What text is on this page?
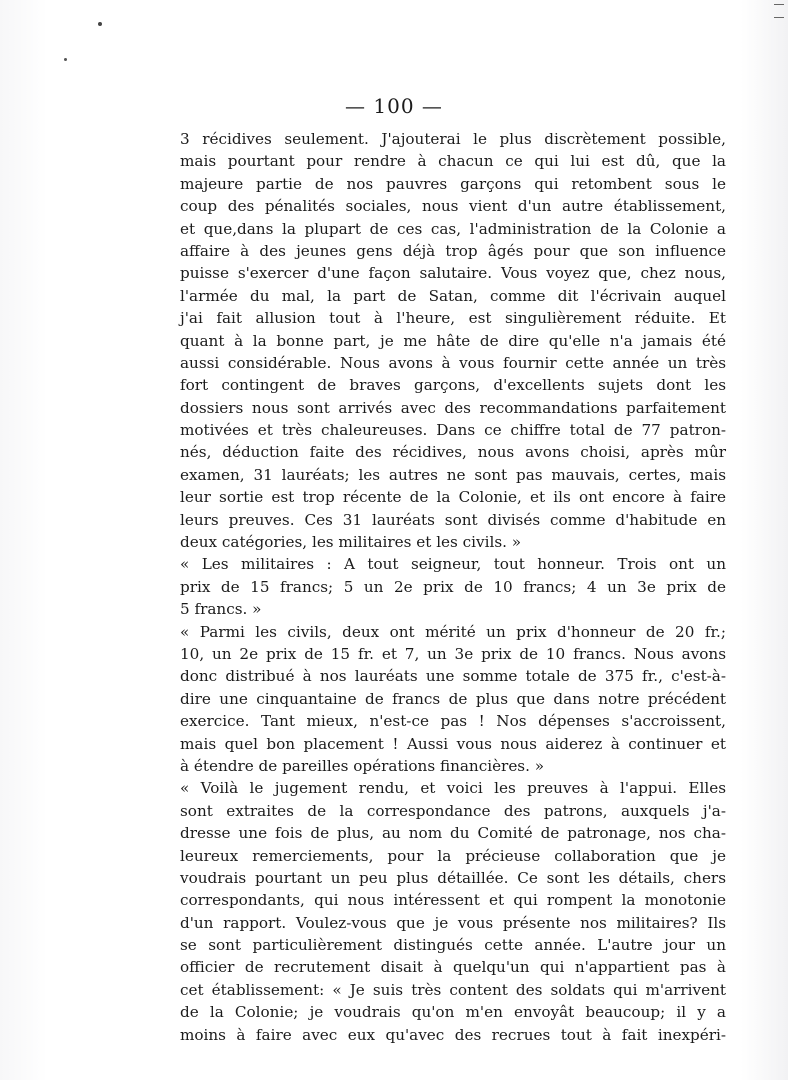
— 100 —
3 récidives seulement. J'ajouterai le plus discrètement possible,
mais pourtant pour rendre à chacun ce qui lui est dû, que la
majeure partie de nos pauvres garçons qui retombent sous le
coup des pénalités sociales, nous vient d'un autre établissement,
et que,dans la plupart de ces cas, l'administration de la Colonie a
affaire à des jeunes gens déjà trop âgés pour que son influence
puisse s'exercer d'une façon salutaire. Vous voyez que, chez nous,
l'armée du mal, la part de Satan, comme dit l'écrivain auquel
j'ai fait allusion tout à l'heure, est singulièrement réduite. Et
quant à la bonne part, je me hâte de dire qu'elle n'a jamais été
aussi considérable. Nous avons à vous fournir cette année un très
fort contingent de braves garçons, d'excellents sujets dont les
dossiers nous sont arrivés avec des recommandations parfaitement
motivées et très chaleureuses. Dans ce chiffre total de 77 patron-
nés, déduction faite des récidives, nous avons choisi, après mûr
examen, 31 lauréats; les autres ne sont pas mauvais, certes, mais
leur sortie est trop récente de la Colonie, et ils ont encore à faire
leurs preuves. Ces 31 lauréats sont divisés comme d'habitude en
deux catégories, les militaires et les civils. »
« Les militaires : A tout seigneur, tout honneur. Trois ont un
prix de 15 francs; 5 un 2e prix de 10 francs; 4 un 3e prix de
5 francs. »
« Parmi les civils, deux ont mérité un prix d'honneur de 20 fr.;
10, un 2e prix de 15 fr. et 7, un 3e prix de 10 francs. Nous avons
donc distribué à nos lauréats une somme totale de 375 fr., c'est-à-
dire une cinquantaine de francs de plus que dans notre précédent
exercice. Tant mieux, n'est-ce pas ! Nos dépenses s'accroissent,
mais quel bon placement ! Aussi vous nous aiderez à continuer et
à étendre de pareilles opérations financières. »
« Voilà le jugement rendu, et voici les preuves à l'appui. Elles
sont extraites de la correspondance des patrons, auxquels j'a-
dresse une fois de plus, au nom du Comité de patronage, nos cha-
leureux remerciements, pour la précieuse collaboration que je
voudrais pourtant un peu plus détaillée. Ce sont les détails, chers
correspondants, qui nous intéressent et qui rompent la monotonie
d'un rapport. Voulez-vous que je vous présente nos militaires? Ils
se sont particulièrement distingués cette année. L'autre jour un
officier de recrutement disait à quelqu'un qui n'appartient pas à
cet établissement: « Je suis très content des soldats qui m'arrivent
de la Colonie; je voudrais qu'on m'en envoyât beaucoup; il y a
moins à faire avec eux qu'avec des recrues tout à fait inexpéri-
